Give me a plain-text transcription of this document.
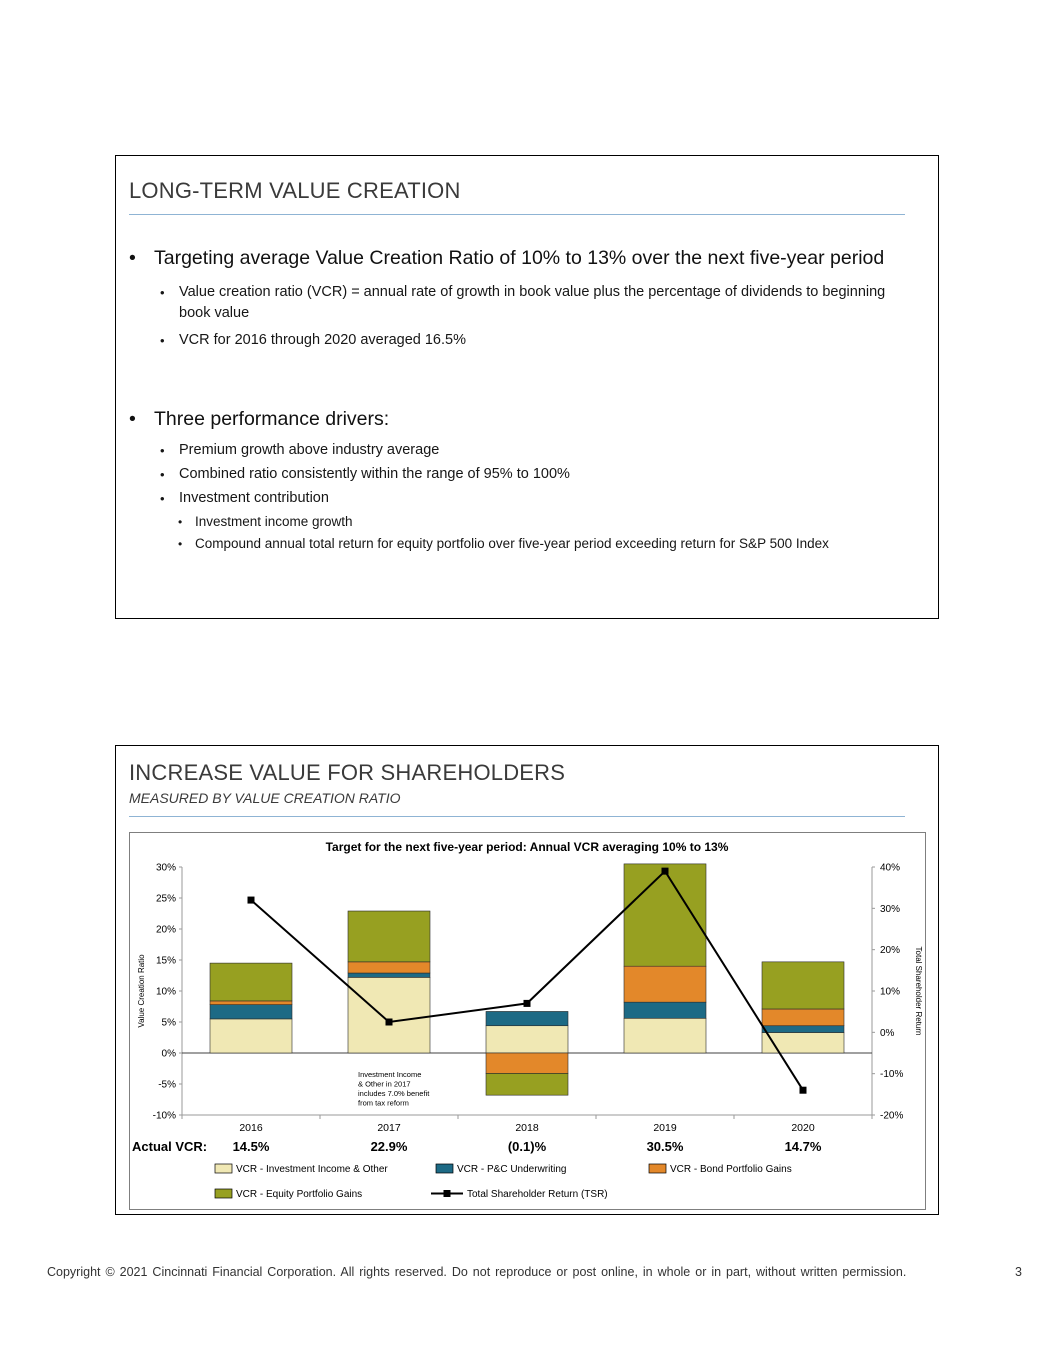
LONG-TERM VALUE CREATION
•
Targeting average Value Creation Ratio of 10% to 13% over the next five-year period
•
Value creation ratio (VCR) = annual rate of growth in book value plus the percentage of dividends to beginning book value
•
VCR for 2016 through 2020 averaged 16.5%
•
Three performance drivers:
•
Premium growth above industry average
•
Combined ratio consistently within the range of 95% to 100%
•
Investment contribution
•
Investment income growth
•
Compound annual total return for equity portfolio over five-year period exceeding return for S&P 500 Index
INCREASE VALUE FOR SHAREHOLDERS
MEASURED BY VALUE CREATION RATIO
Target for the next five-year period: Annual VCR averaging 10% to 13%
-10%
-5%
0%
5%
10%
15%
20%
25%
30%
-20%
-10%
0%
10%
20%
30%
40%
Investment Income
& Other in 2017
includes 7.0% benefit
from tax reform
Value Creation Ratio	Total Shareholder Return
2016	2017	2018	2019	2020
Actual VCR: 14.5%	22.9%	(0.1)%	30.5%	14.7%
VCR - Investment Income & Other	VCR - P&C Underwriting	VCR - Bond Portfolio Gains
VCR - Equity Portfolio Gains	Total Shareholder Return (TSR)
Copyright © 2021 Cincinnati Financial Corporation. All rights reserved. Do not reproduce or post online, in whole or in part, without written permission.	3
